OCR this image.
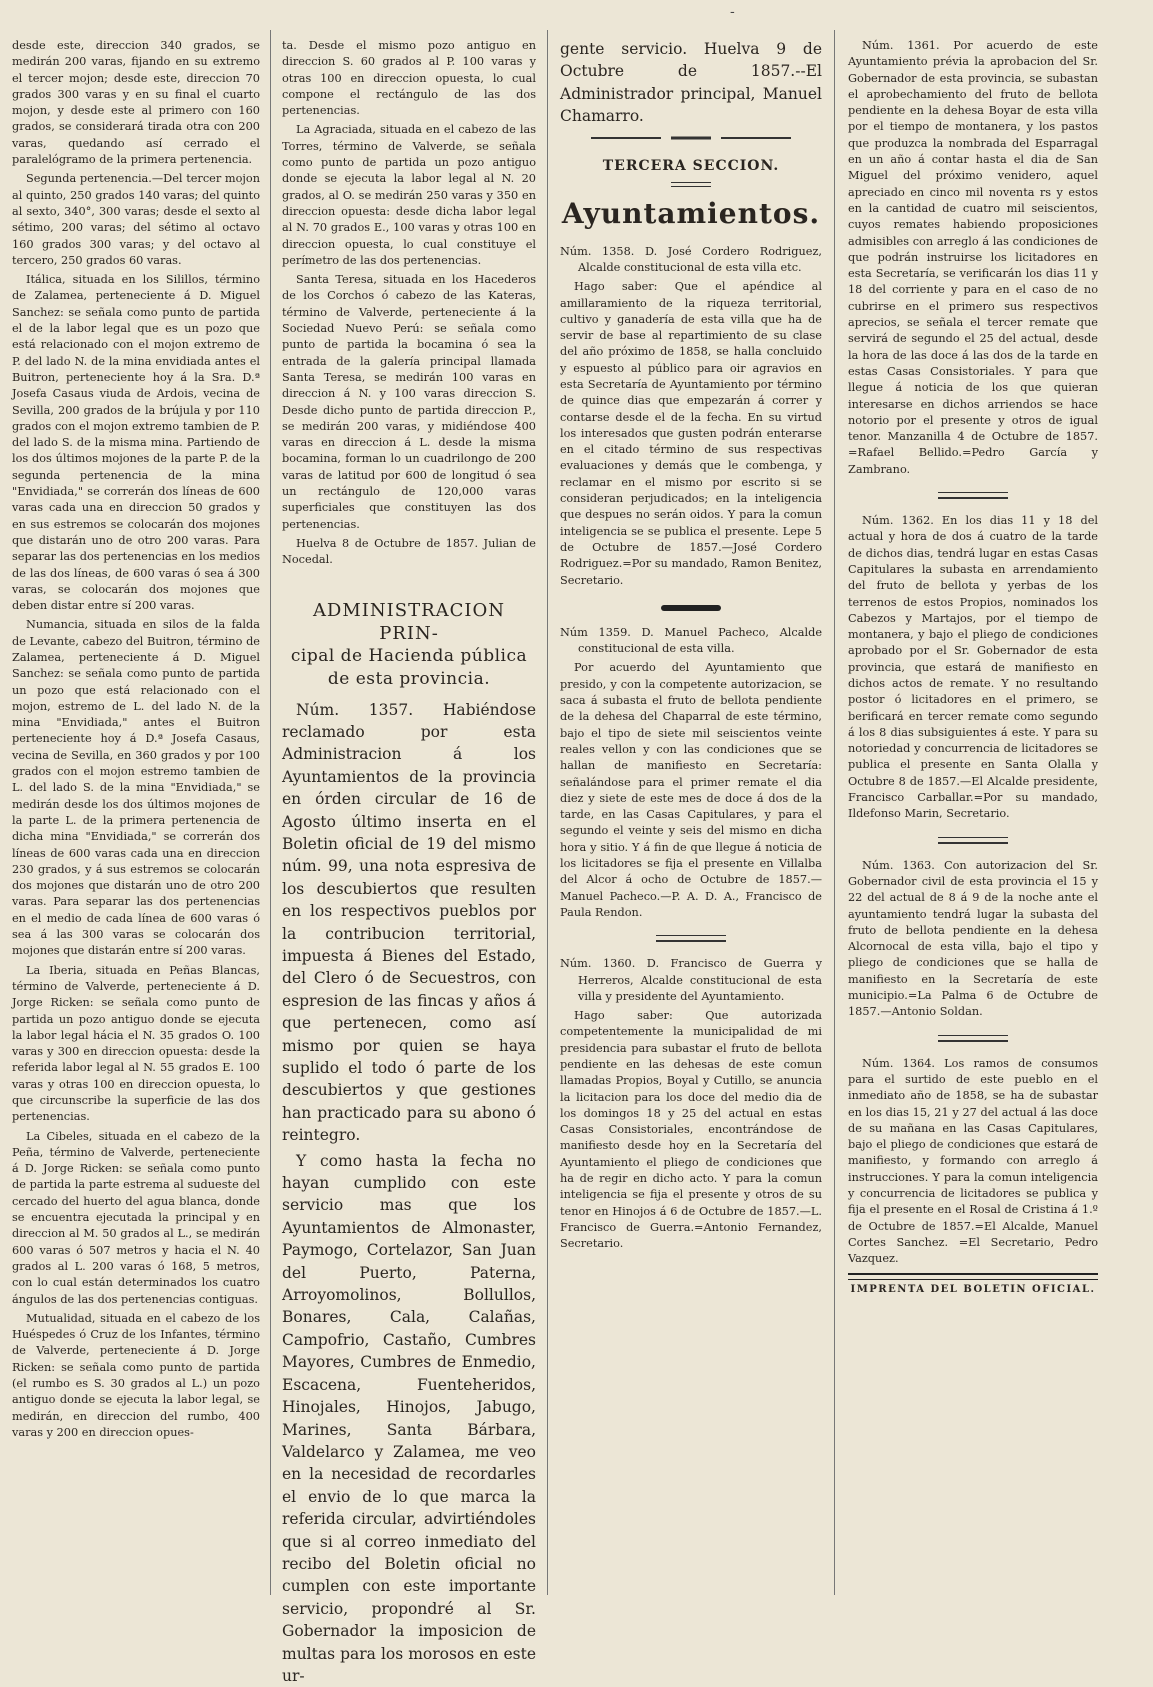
-

desde este, direccion 340 grados, se medirán 200 varas, fijando en su extremo el tercer mojon; desde este, direccion 70 grados 300 varas y en su final el cuarto mojon, y desde este al primero con 160 grados, se considerará tirada otra con 200 varas, quedando así cerrado el paralelógramo de la primera pertenencia.

Segunda pertenencia.—Del tercer mojon al quinto, 250 grados 140 varas; del quinto al sexto, 340°, 300 varas; desde el sexto al sétimo, 200 varas; del sétimo al octavo 160 grados 300 varas; y del octavo al tercero, 250 grados 60 varas.

Itálica, situada en los Silillos, término de Zalamea, perteneciente á D. Miguel Sanchez: se señala como punto de partida el de la labor legal que es un pozo que está relacionado con el mojon extremo de P. del lado N. de la mina envidiada antes el Buitron, perteneciente hoy á la Sra. D.ª Josefa Casaus viuda de Ardois, vecina de Sevilla, 200 grados de la brújula y por 110 grados con el mojon extremo tambien de P. del lado S. de la misma mina. Partiendo de los dos últimos mojones de la parte P. de la segunda pertenencia de la mina "Envidiada," se correrán dos líneas de 600 varas cada una en direccion 50 grados y en sus estremos se colocarán dos mojones que distarán uno de otro 200 varas. Para separar las dos pertenencias en los medios de las dos líneas, de 600 varas ó sea á 300 varas, se colocarán dos mojones que deben distar entre sí 200 varas.

Numancia, situada en silos de la falda de Levante, cabezo del Buitron, término de Zalamea, perteneciente á D. Miguel Sanchez: se señala como punto de partida un pozo que está relacionado con el mojon, estremo de L. del lado N. de la mina "Envidiada," antes el Buitron perteneciente hoy á D.ª Josefa Casaus, vecina de Sevilla, en 360 grados y por 100 grados con el mojon estremo tambien de L. del lado S. de la mina "Envidiada," se medirán desde los dos últimos mojones de la parte L. de la primera pertenencia de dicha mina "Envidiada," se correrán dos líneas de 600 varas cada una en direccion 230 grados, y á sus estremos se colocarán dos mojones que distarán uno de otro 200 varas. Para separar las dos pertenencias en el medio de cada línea de 600 varas ó sea á las 300 varas se colocarán dos mojones que distarán entre sí 200 varas.

La Iberia, situada en Peñas Blancas, término de Valverde, perteneciente á D. Jorge Ricken: se señala como punto de partida un pozo antiguo donde se ejecuta la labor legal hácia el N. 35 grados O. 100 varas y 300 en direccion opuesta: desde la referida labor legal al N. 55 grados E. 100 varas y otras 100 en direccion opuesta, lo que circunscribe la superficie de las dos pertenencias.

La Cibeles, situada en el cabezo de la Peña, término de Valverde, perteneciente á D. Jorge Ricken: se señala como punto de partida la parte estrema al sudueste del cercado del huerto del agua blanca, donde se encuentra ejecutada la principal y en direccion al M. 50 grados al L., se medirán 600 varas ó 507 metros y hacia el N. 40 grados al L. 200 varas ó 168, 5 metros, con lo cual están determinados los cuatro ángulos de las dos pertenencias contiguas.

Mutualidad, situada en el cabezo de los Huéspedes ó Cruz de los Infantes, término de Valverde, perteneciente á D. Jorge Ricken: se señala como punto de partida (el rumbo es S. 30 grados al L.) un pozo antiguo donde se ejecuta la labor legal, se medirán, en direccion del rumbo, 400 varas y 200 en direccion opues-

ta. Desde el mismo pozo antiguo en direccion S. 60 grados al P. 100 varas y otras 100 en direccion opuesta, lo cual compone el rectángulo de las dos pertenencias.

La Agraciada, situada en el cabezo de las Torres, término de Valverde, se señala como punto de partida un pozo antiguo donde se ejecuta la labor legal al N. 20 grados, al O. se medirán 250 varas y 350 en direccion opuesta: desde dicha labor legal al N. 70 grados E., 100 varas y otras 100 en direccion opuesta, lo cual constituye el perímetro de las dos pertenencias.

Santa Teresa, situada en los Hacederos de los Corchos ó cabezo de las Kateras, término de Valverde, perteneciente á la Sociedad Nuevo Perú: se señala como punto de partida la bocamina ó sea la entrada de la galería principal llamada Santa Teresa, se medirán 100 varas en direccion á N. y 100 varas direccion S. Desde dicho punto de partida direccion P., se medirán 200 varas, y midiéndose 400 varas en direccion á L. desde la misma bocamina, forman lo un cuadrilongo de 200 varas de latitud por 600 de longitud ó sea un rectángulo de 120,000 varas superficiales que constituyen las dos pertenencias.

Huelva 8 de Octubre de 1857. Julian de Nocedal.

ADMINISTRACION PRIN-
cipal de Hacienda pública de esta provincia.

Núm. 1357. Habiéndose reclamado por esta Administracion á los Ayuntamientos de la provincia en órden circular de 16 de Agosto último inserta en el Boletin oficial de 19 del mismo núm. 99, una nota espresiva de los descubiertos que resulten en los respectivos pueblos por la contribucion territorial, impuesta á Bienes del Estado, del Clero ó de Secuestros, con espresion de las fincas y años á que pertenecen, como así mismo por quien se haya suplido el todo ó parte de los descubiertos y que gestiones han practicado para su abono ó reintegro.

Y como hasta la fecha no hayan cumplido con este servicio mas que los Ayuntamientos de Almonaster, Paymogo, Cortelazor, San Juan del Puerto, Paterna, Arroyomolinos, Bollullos, Bonares, Cala, Calañas, Campofrio, Castaño, Cumbres Mayores, Cumbres de Enmedio, Escacena, Fuenteheridos, Hinojales, Hinojos, Jabugo, Marines, Santa Bárbara, Valdelarco y Zalamea, me veo en la necesidad de recordarles el envio de lo que marca la referida circular, advirtiéndoles que si al correo inmediato del recibo del Boletin oficial no cumplen con este importante servicio, propondré al Sr. Gobernador la imposicion de multas para los morosos en este ur-

gente servicio. Huelva 9 de Octubre de 1857.--El Administrador principal, Manuel Chamarro.

TERCERA SECCION.
Ayuntamientos.

Núm. 1358. D. José Cordero Rodriguez, Alcalde constitucional de esta villa etc.

Hago saber: Que el apéndice al amillaramiento de la riqueza territorial, cultivo y ganadería de esta villa que ha de servir de base al repartimiento de su clase del año próximo de 1858, se halla concluido y espuesto al público para oir agravios en esta Secretaría de Ayuntamiento por término de quince dias que empezarán á correr y contarse desde el de la fecha. En su virtud los interesados que gusten podrán enterarse en el citado término de sus respectivas evaluaciones y demás que le combenga, y reclamar en el mismo por escrito si se consideran perjudicados; en la inteligencia que despues no serán oidos. Y para la comun inteligencia se se publica el presente. Lepe 5 de Octubre de 1857.—José Cordero Rodriguez.=Por su mandado, Ramon Benitez, Secretario.

Núm 1359. D. Manuel Pacheco, Alcalde constitucional de esta villa.

Por acuerdo del Ayuntamiento que presido, y con la competente autorizacion, se saca á subasta el fruto de bellota pendiente de la dehesa del Chaparral de este término, bajo el tipo de siete mil seiscientos veinte reales vellon y con las condiciones que se hallan de manifiesto en Secretaría: señalándose para el primer remate el dia diez y siete de este mes de doce á dos de la tarde, en las Casas Capitulares, y para el segundo el veinte y seis del mismo en dicha hora y sitio. Y á fin de que llegue á noticia de los licitadores se fija el presente en Villalba del Alcor á ocho de Octubre de 1857.—Manuel Pacheco.—P. A. D. A., Francisco de Paula Rendon.

Núm. 1360. D. Francisco de Guerra y Herreros, Alcalde constitucional de esta villa y presidente del Ayuntamiento.

Hago saber: Que autorizada competentemente la municipalidad de mi presidencia para subastar el fruto de bellota pendiente en las dehesas de este comun llamadas Propios, Boyal y Cutillo, se anuncia la licitacion para los doce del medio dia de los domingos 18 y 25 del actual en estas Casas Consistoriales, encontrándose de manifiesto desde hoy en la Secretaría del Ayuntamiento el pliego de condiciones que ha de regir en dicho acto. Y para la comun inteligencia se fija el presente y otros de su tenor en Hinojos á 6 de Octubre de 1857.—L. Francisco de Guerra.=Antonio Fernandez, Secretario.

Núm. 1361. Por acuerdo de este Ayuntamiento prévia la aprobacion del Sr. Gobernador de esta provincia, se subastan el aprobechamiento del fruto de bellota pendiente en la dehesa Boyar de esta villa por el tiempo de montanera, y los pastos que produzca la nombrada del Esparragal en un año á contar hasta el dia de San Miguel del próximo venidero, aquel apreciado en cinco mil noventa rs y estos en la cantidad de cuatro mil seiscientos, cuyos remates habiendo proposiciones admisibles con arreglo á las condiciones de que podrán instruirse los licitadores en esta Secretaría, se verificarán los dias 11 y 18 del corriente y para en el caso de no cubrirse en el primero sus respectivos aprecios, se señala el tercer remate que servirá de segundo el 25 del actual, desde la hora de las doce á las dos de la tarde en estas Casas Consistoriales. Y para que llegue á noticia de los que quieran interesarse en dichos arriendos se hace notorio por el presente y otros de igual tenor. Manzanilla 4 de Octubre de 1857. =Rafael Bellido.=Pedro García y Zambrano.

Núm. 1362. En los dias 11 y 18 del actual y hora de dos á cuatro de la tarde de dichos dias, tendrá lugar en estas Casas Capitulares la subasta en arrendamiento del fruto de bellota y yerbas de los terrenos de estos Propios, nominados los Cabezos y Martajos, por el tiempo de montanera, y bajo el pliego de condiciones aprobado por el Sr. Gobernador de esta provincia, que estará de manifiesto en dichos actos de remate. Y no resultando postor ó licitadores en el primero, se berificará en tercer remate como segundo á los 8 dias subsiguientes á este. Y para su notoriedad y concurrencia de licitadores se publica el presente en Santa Olalla y Octubre 8 de 1857.—El Alcalde presidente, Francisco Carballar.=Por su mandado, Ildefonso Marin, Secretario.

Núm. 1363. Con autorizacion del Sr. Gobernador civil de esta provincia el 15 y 22 del actual de 8 á 9 de la noche ante el ayuntamiento tendrá lugar la subasta del fruto de bellota pendiente en la dehesa Alcornocal de esta villa, bajo el tipo y pliego de condiciones que se halla de manifiesto en la Secretaría de este municipio.=La Palma 6 de Octubre de 1857.—Antonio Soldan.

Núm. 1364. Los ramos de consumos para el surtido de este pueblo en el inmediato año de 1858, se ha de subastar en los dias 15, 21 y 27 del actual á las doce de su mañana en las Casas Capitulares, bajo el pliego de condiciones que estará de manifiesto, y formando con arreglo á instrucciones. Y para la comun inteligencia y concurrencia de licitadores se publica y fija el presente en el Rosal de Cristina á 1.º de Octubre de 1857.=El Alcalde, Manuel Cortes Sanchez. =El Secretario, Pedro Vazquez.

IMPRENTA DEL BOLETIN OFICIAL.
